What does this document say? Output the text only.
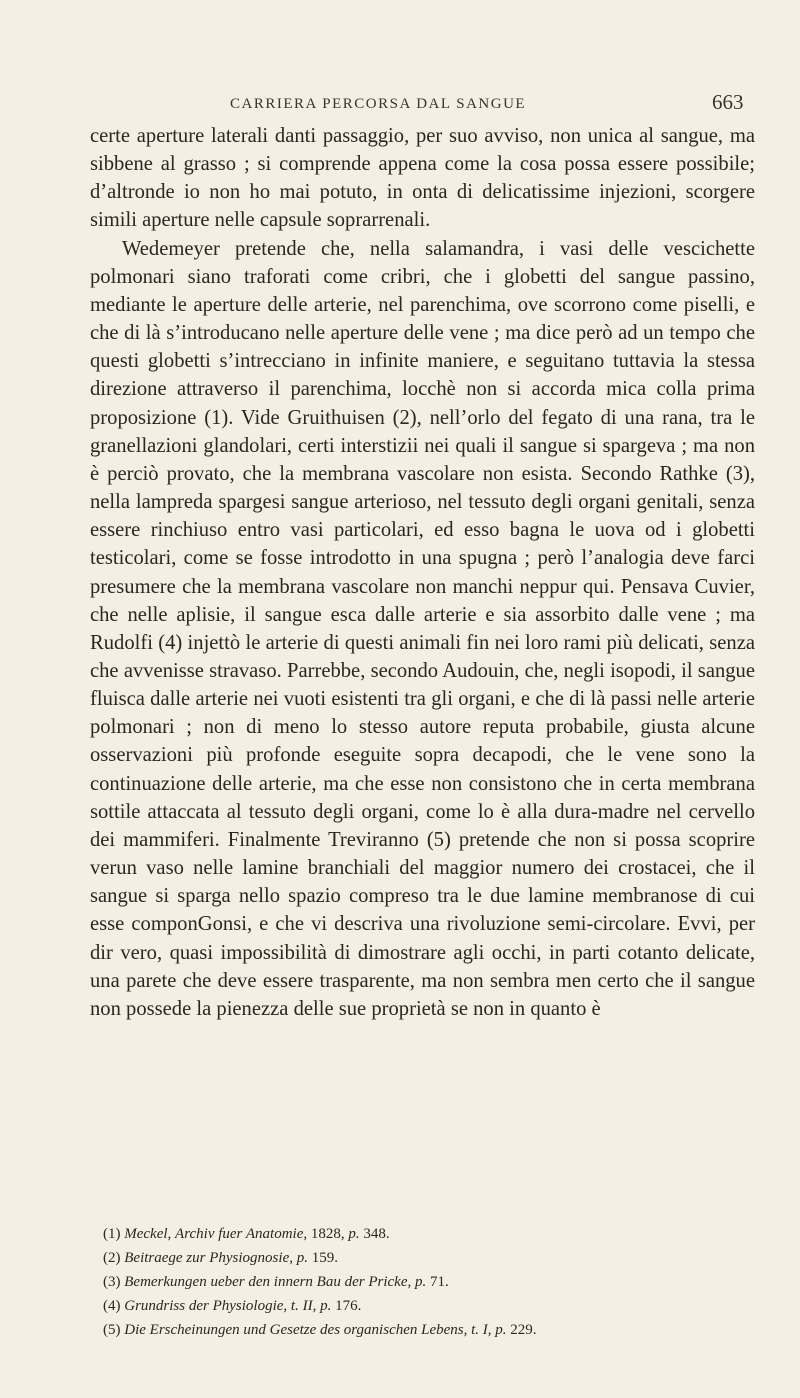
CARRIERA PERCORSA DAL SANGUE	663

certe aperture laterali danti passaggio, per suo avviso, non unica al sangue, ma sibbene al grasso ; si comprende appena come la cosa possa essere possibile; d’altronde io non ho mai potuto, in onta di delicatissime injezioni, scorgere simili aperture nelle capsule soprarrenali.

Wedemeyer pretende che, nella salamandra, i vasi delle vescichette polmonari siano traforati come cribri, che i globetti del sangue passino, mediante le aperture delle arterie, nel parenchima, ove scorrono come piselli, e che di là s’introducano nelle aperture delle vene ; ma dice però ad un tempo che questi globetti s’intrecciano in infinite maniere, e seguitano tuttavia la stessa direzione attraverso il parenchima, locchè non si accorda mica colla prima proposizione (1). Vide Gruithuisen (2), nell’orlo del fegato di una rana, tra le granellazioni glandolari, certi interstizii nei quali il sangue si spargeva ; ma non è perciò provato, che la membrana vascolare non esista. Secondo Rathke (3), nella lampreda spargesi sangue arterioso, nel tessuto degli organi genitali, senza essere rinchiuso entro vasi particolari, ed esso bagna le uova od i globetti testicolari, come se fosse introdotto in una spugna ; però l’analogia deve farci presumere che la membrana vascolare non manchi neppur qui. Pensava Cuvier, che nelle aplisie, il sangue esca dalle arterie e sia assorbito dalle vene ; ma Rudolfi (4) injettò le arterie di questi animali fin nei loro rami più delicati, senza che avvenisse stravaso. Parrebbe, secondo Audouin, che, negli isopodi, il sangue fluisca dalle arterie nei vuoti esistenti tra gli organi, e che di là passi nelle arterie polmonari ; non di meno lo stesso autore reputa probabile, giusta alcune osservazioni più profonde eseguite sopra decapodi, che le vene sono la continuazione delle arterie, ma che esse non consistono che in certa membrana sottile attaccata al tessuto degli organi, come lo è alla dura-madre nel cervello dei mammiferi. Finalmente Treviranno (5) pretende che non si possa scoprire verun vaso nelle lamine branchiali del maggior numero dei crostacei, che il sangue si sparga nello spazio compreso tra le due lamine membranose di cui esse componGonsi, e che vi descriva una rivoluzione semi-circolare. Evvi, per dir vero, quasi impossibilità di dimostrare agli occhi, in parti cotanto delicate, una parete che deve essere trasparente, ma non sembra men certo che il sangue non possede la pienezza delle sue proprietà se non in quanto è

(1) Meckel, Archiv fuer Anatomie, 1828, p. 348.
(2) Beitraege zur Physiognosie, p. 159.
(3) Bemerkungen ueber den innern Bau der Pricke, p. 71.
(4) Grundriss der Physiologie, t. II, p. 176.
(5) Die Erscheinungen und Gesetze des organischen Lebens, t. I, p. 229.
